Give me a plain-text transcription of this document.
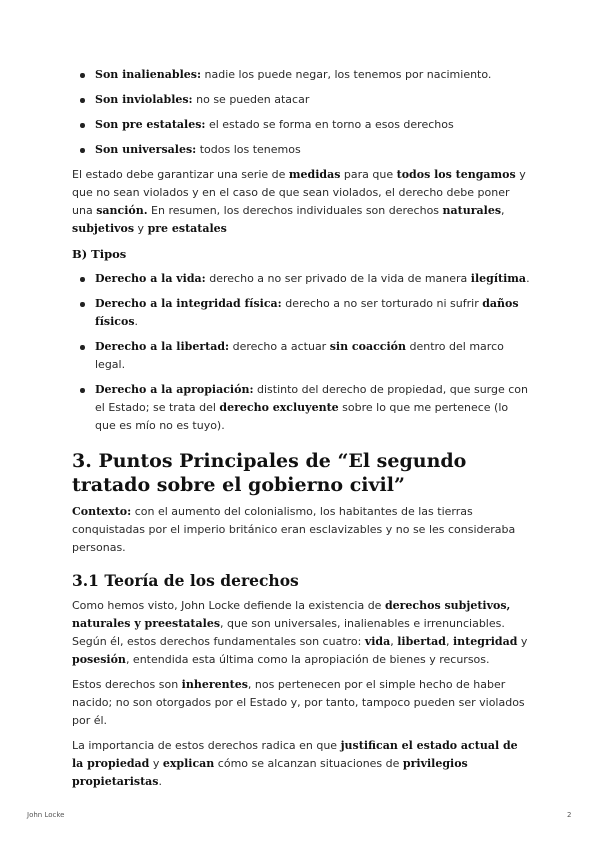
Son inalienables: nadie los puede negar, los tenemos por nacimiento.
Son inviolables: no se pueden atacar
Son pre estatales: el estado se forma en torno a esos derechos
Son universales: todos los tenemos

El estado debe garantizar una serie de medidas para que todos los tengamos y que no sean violados y en el caso de que sean violados, el derecho debe poner una sanción. En resumen, los derechos individuales son derechos naturales, subjetivos y pre estatales

B) Tipos
Derecho a la vida: derecho a no ser privado de la vida de manera ilegítima.
Derecho a la integridad física: derecho a no ser torturado ni sufrir daños físicos.
Derecho a la libertad: derecho a actuar sin coacción dentro del marco legal.
Derecho a la apropiación: distinto del derecho de propiedad, que surge con el Estado; se trata del derecho excluyente sobre lo que me pertenece (lo que es mío no es tuyo).
3. Puntos Principales de “El segundo tratado sobre el gobierno civil”

Contexto: con el aumento del colonialismo, los habitantes de las tierras conquistadas por el imperio británico eran esclavizables y no se les consideraba personas.

3.1 Teoría de los derechos

Como hemos visto, John Locke defiende la existencia de derechos subjetivos, naturales y preestatales, que son universales, inalienables e irrenunciables. Según él, estos derechos fundamentales son cuatro: vida, libertad, integridad y posesión, entendida esta última como la apropiación de bienes y recursos.

Estos derechos son inherentes, nos pertenecen por el simple hecho de haber nacido; no son otorgados por el Estado y, por tanto, tampoco pueden ser violados por él.

La importancia de estos derechos radica en que justifican el estado actual de la propiedad y explican cómo se alcanzan situaciones de privilegios propietaristas.

John Locke	2
